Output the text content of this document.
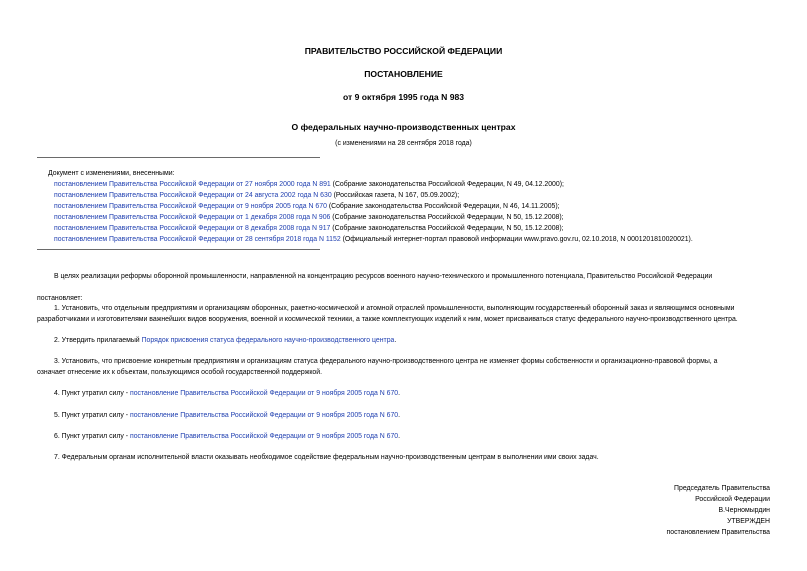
ПРАВИТЕЛЬСТВО РОССИЙСКОЙ ФЕДЕРАЦИИ
ПОСТАНОВЛЕНИЕ
от 9 октября 1995 года N 983
О федеральных научно-производственных центрах
(с изменениями на 28 сентября 2018 года)
Документ с изменениями, внесенными:
постановлением Правительства Российской Федерации от 27 ноября 2000 года N 891 (Собрание законодательства Российской Федерации, N 49, 04.12.2000);
постановлением Правительства Российской Федерации от 24 августа 2002 года N 630 (Российская газета, N 167, 05.09.2002);
постановлением Правительства Российской Федерации от 9 ноября 2005 года N 670 (Собрание законодательства Российской Федерации, N 46, 14.11.2005);
постановлением Правительства Российской Федерации от 1 декабря 2008 года N 906 (Собрание законодательства Российской Федерации, N 50, 15.12.2008);
постановлением Правительства Российской Федерации от 8 декабря 2008 года N 917 (Собрание законодательства Российской Федерации, N 50, 15.12.2008);
постановлением Правительства Российской Федерации от 28 сентября 2018 года N 1152 (Официальный интернет-портал правовой информации www.pravo.gov.ru, 02.10.2018, N 0001201810020021).
В целях реализации реформы оборонной промышленности, направленной на концентрацию ресурсов военного научно-технического и промышленного потенциала, Правительство Российской Федерации
постановляет:
1. Установить, что отдельным предприятиям и организациям оборонных, ракетно-космической и атомной отраслей промышленности, выполняющим государственный оборонный заказ и являющимся основными
разработчиками и изготовителями важнейших видов вооружения, военной и космической техники, а также комплектующих изделий к ним, может присваиваться статус федерального научно-производственного центра.
2. Утвердить прилагаемый Порядок присвоения статуса федерального научно-производственного центра.
3. Установить, что присвоение конкретным предприятиям и организациям статуса федерального научно-производственного центра не изменяет формы собственности и организационно-правовой формы, а
означает отнесение их к объектам, пользующимся особой государственной поддержкой.
4. Пункт утратил силу - постановление Правительства Российской Федерации от 9 ноября 2005 года N 670.
5. Пункт утратил силу - постановление Правительства Российской Федерации от 9 ноября 2005 года N 670.
6. Пункт утратил силу - постановление Правительства Российской Федерации от 9 ноября 2005 года N 670.
7. Федеральным органам исполнительной власти оказывать необходимое содействие федеральным научно-производственным центрам в выполнении ими своих задач.
Председатель Правительства
Российской Федерации
В.Черномырдин
УТВЕРЖДЕН
постановлением Правительства
